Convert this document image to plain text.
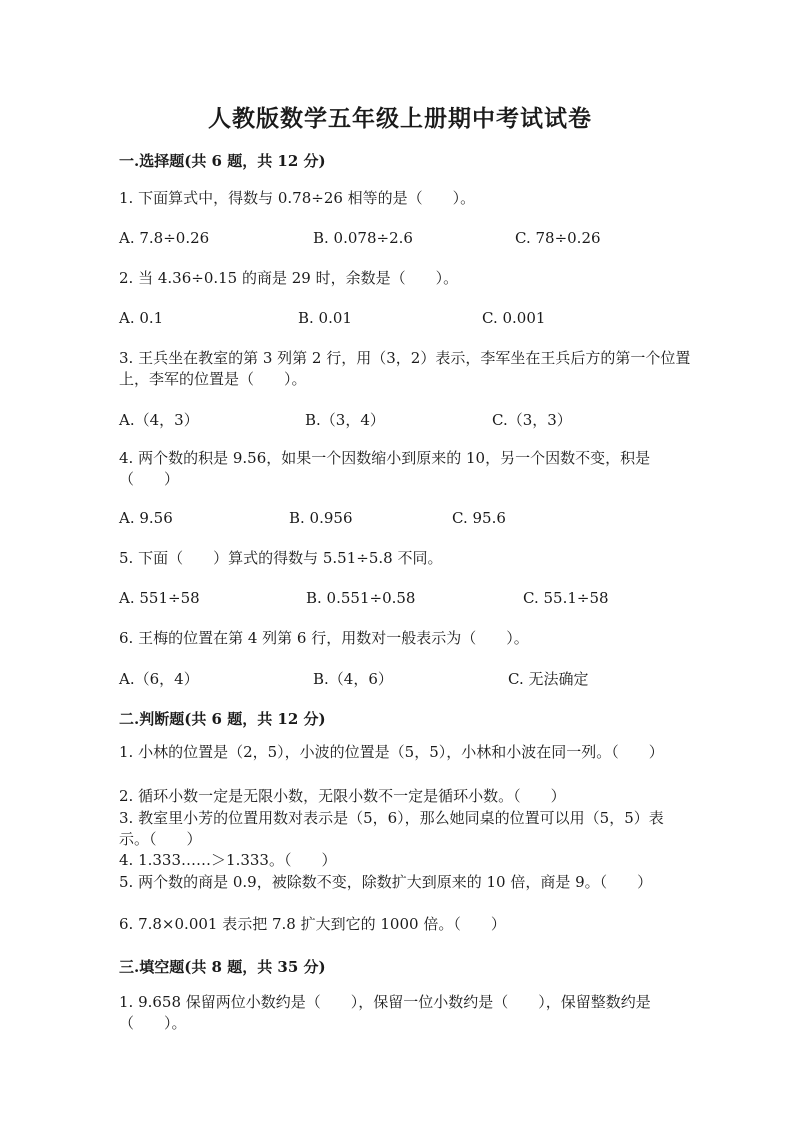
人教版数学五年级上册期中考试试卷
一.选择题(共 6 题，共 12 分)
1. 下面算式中，得数与 0.78÷26 相等的是（　　）。
A. 7.8÷0.26	B. 0.078÷2.6	C. 78÷0.26
2. 当 4.36÷0.15 的商是 29 时，余数是（　　）。
A. 0.1	B. 0.01	C. 0.001
3. 王兵坐在教室的第 3 列第 2 行，用（3，2）表示，李军坐在王兵后方的第一个位置上，李军的位置是（　　）。
A.（4，3）	B.（3，4）	C.（3，3）
4. 两个数的积是 9.56，如果一个因数缩小到原来的 10，另一个因数不变，积是（　　）
A. 9.56	B. 0.956	C. 95.6
5. 下面（　　）算式的得数与 5.51÷5.8 不同。
A. 551÷58	B. 0.551÷0.58	C. 55.1÷58
6. 王梅的位置在第 4 列第 6 行，用数对一般表示为（　　）。
A.（6，4）	B.（4，6）	C. 无法确定
二.判断题(共 6 题，共 12 分)
1. 小林的位置是（2，5），小波的位置是（5，5），小林和小波在同一列。（　　）
2. 循环小数一定是无限小数，无限小数不一定是循环小数。（　　）
3. 教室里小芳的位置用数对表示是（5，6），那么她同桌的位置可以用（5，5）表示。（　　）
4. 1.333……＞1.333。（　　）
5. 两个数的商是 0.9，被除数不变，除数扩大到原来的 10 倍，商是 9。（　　）
6. 7.8×0.001 表示把 7.8 扩大到它的 1000 倍。（　　）
三.填空题(共 8 题，共 35 分)
1. 9.658 保留两位小数约是（　　），保留一位小数约是（　　），保留整数约是（　　）。
